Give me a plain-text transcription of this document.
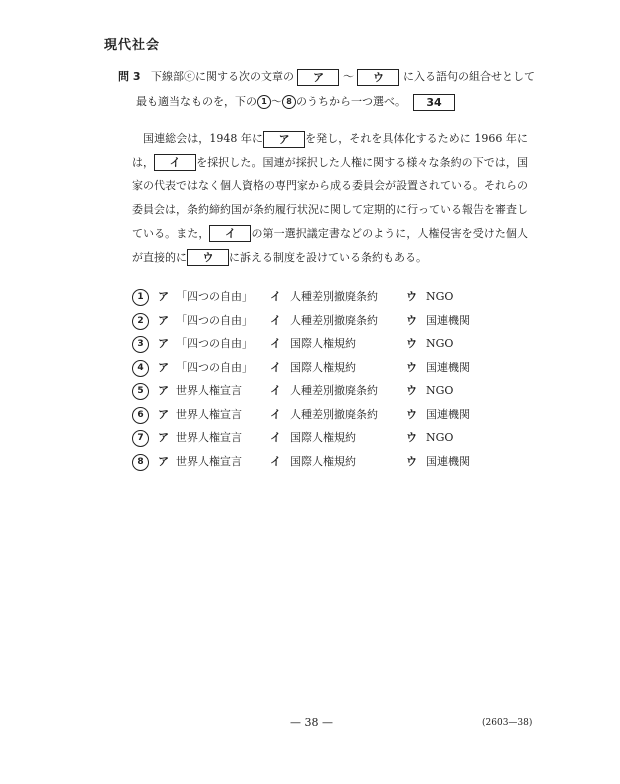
現代社会
問 3 下線部ⓒに関する次の文章の ア 〜 ウ に入る語句の組合せとして
最も適当なものを，下の 1 〜 8 のうちから一つ選べ。 34
 国連総会は，1948 年に ア を発し，それを具体化するために 1966 年には， イ を採択した。国連が採択した人権に関する様々な条約の下では，国家の代表ではなく個人資格の専門家から成る委員会が設置されている。それらの委員会は，条約締約国が条約履行状況に関して定期的に行っている報告を審査している。また， イ の第一選択議定書などのように，人権侵害を受けた個人が直接的に ウ に訴える制度を設けている条約もある。
1	ア 「四つの自由」 イ 人種差別撤廃条約	ウ NGO
2	ア 「四つの自由」 イ 人種差別撤廃条約	ウ 国連機関
3	ア 「四つの自由」 イ 国際人権規約	ウ NGO
4	ア 「四つの自由」 イ 国際人権規約	ウ 国連機関
5	ア 世界人権宣言	イ 人種差別撤廃条約	ウ NGO
6	ア 世界人権宣言	イ 人種差別撤廃条約	ウ 国連機関
7	ア 世界人権宣言	イ 国際人権規約	ウ NGO
8	ア 世界人権宣言	イ 国際人権規約	ウ 国連機関
— 38 —	(2603—38)
